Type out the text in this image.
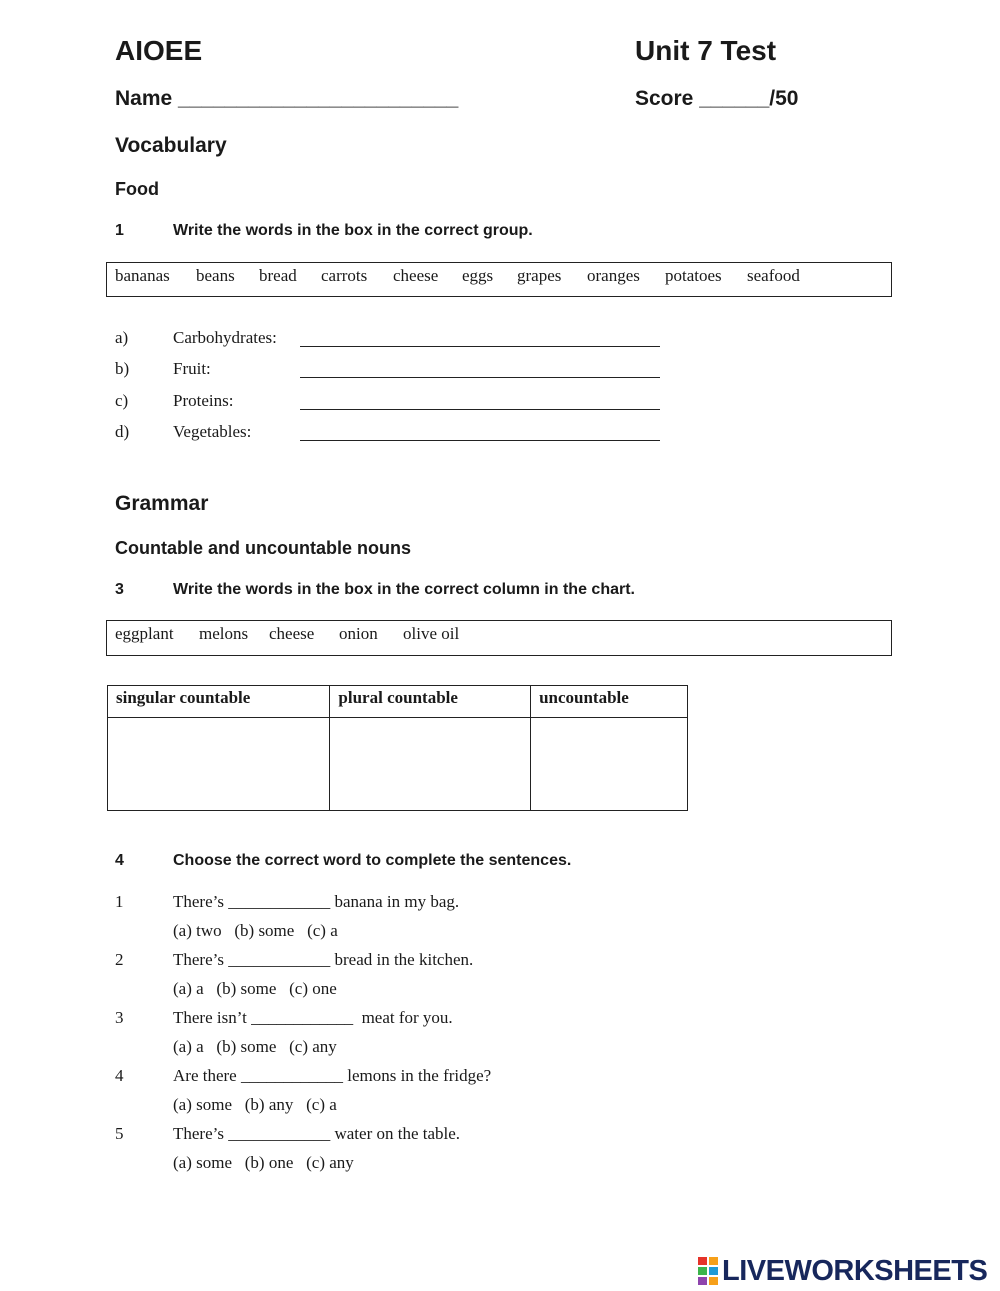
AIOEE	Unit 7 Test
Name ________________________	Score ______/50
Vocabulary
Food
1	Write the words in the box in the correct group.
bananas beans bread carrots cheese eggs grapes oranges potatoes seafood
a)	Carbohydrates:
b)	Fruit:
c)	Proteins:
d)	Vegetables:
Grammar
Countable and uncountable nouns
3	Write the words in the box in the correct column in the chart.
eggplant melons cheese onion olive oil
singular countable	plural countable	uncountable

4	Choose the correct word to complete the sentences.
1	There’s ____________ banana in my bag.
(a) two   (b) some   (c) a
2	There’s ____________ bread in the kitchen.
(a) a   (b) some   (c) one
3	There isn’t ____________  meat for you.
(a) a   (b) some   (c) any
4	Are there ____________ lemons in the fridge?
(a) some   (b) any   (c) a
5	There’s ____________ water on the table.
(a) some   (b) one   (c) any
LIVEWORKSHEETS
